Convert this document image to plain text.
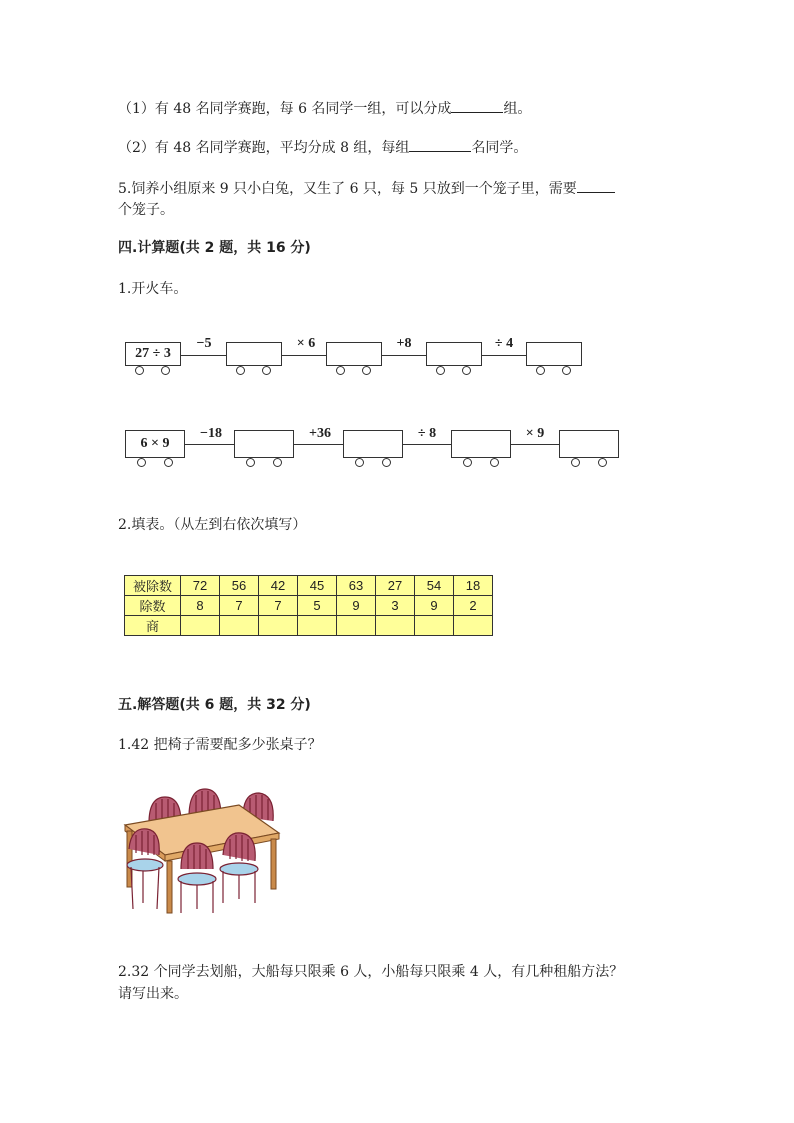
（1）有 48 名同学赛跑，每 6 名同学一组，可以分成	组。
（2）有 48 名同学赛跑，平均分成 8 组，每组	名同学。
5.饲养小组原来 9 只小白兔，又生了 6 只，每 5 只放到一个笼子里，需要
个笼子。
四.计算题(共 2 题，共 16 分)
1.开火车。
27 ÷ 3
−5	× 6	+8	÷ 4
6 × 9
−18	+36	÷ 8	× 9
2.填表。（从左到右依次填写）
被除数	72	56	42	45	63	27	54	18
除数	8	7	7	5	9	3	9	2
商								
五.解答题(共 6 题，共 32 分)
1.42 把椅子需要配多少张桌子？
2.32 个同学去划船，大船每只限乘 6 人，小船每只限乘 4 人，有几种租船方法？
请写出来。
